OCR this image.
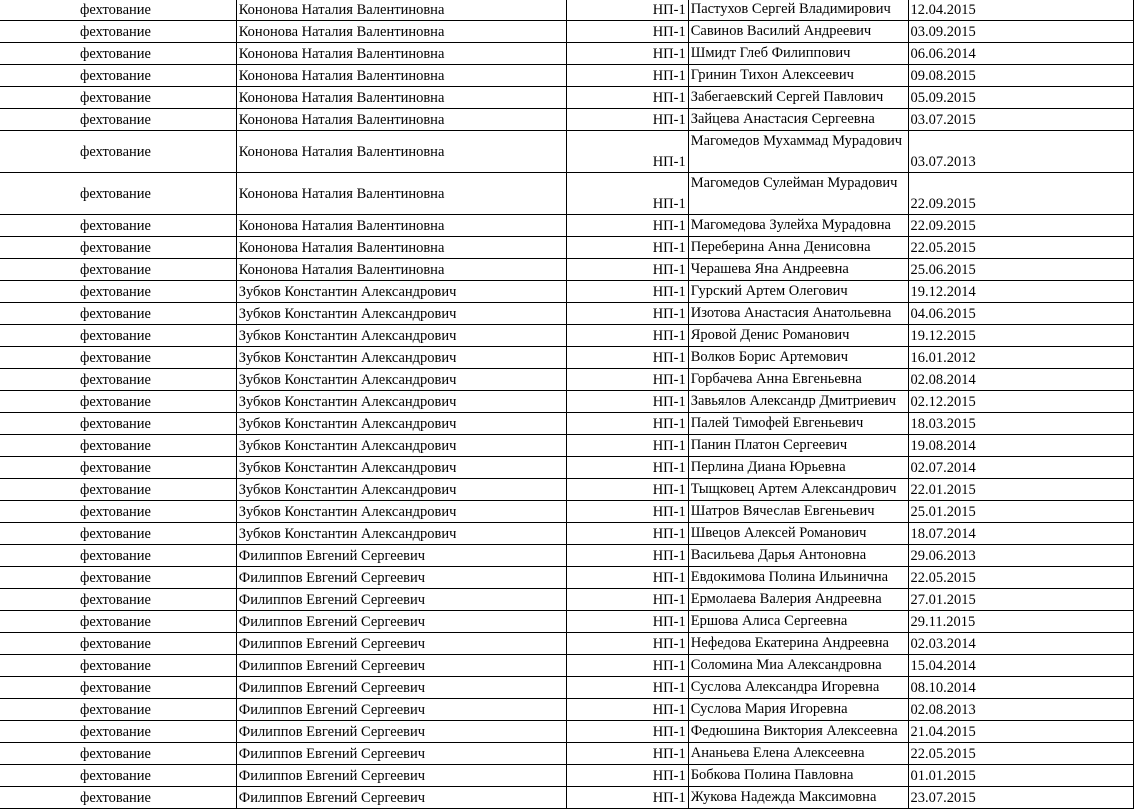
фехтование	Кононова Наталия Валентиновна	НП-1	Пастухов Сергей Владимирович	12.04.2015
фехтование	Кононова Наталия Валентиновна	НП-1	Савинов Василий Андреевич	03.09.2015
фехтование	Кононова Наталия Валентиновна	НП-1	Шмидт Глеб Филиппович	06.06.2014
фехтование	Кононова Наталия Валентиновна	НП-1	Гринин Тихон Алексеевич	09.08.2015
фехтование	Кононова Наталия Валентиновна	НП-1	Забегаевский Сергей Павлович	05.09.2015
фехтование	Кононова Наталия Валентиновна	НП-1	Зайцева Анастасия Сергеевна	03.07.2015
фехтование	Кононова Наталия Валентиновна	НП-1	Магомедов Мухаммад Мурадович	03.07.2013
фехтование	Кононова Наталия Валентиновна	НП-1	Магомедов Сулейман Мурадович	22.09.2015
фехтование	Кононова Наталия Валентиновна	НП-1	Магомедова Зулейха Мурадовна	22.09.2015
фехтование	Кононова Наталия Валентиновна	НП-1	Переберина Анна Денисовна	22.05.2015
фехтование	Кононова Наталия Валентиновна	НП-1	Черашева Яна Андреевна	25.06.2015
фехтование	Зубков Константин Александрович	НП-1	Гурский Артем Олегович	19.12.2014
фехтование	Зубков Константин Александрович	НП-1	Изотова Анастасия Анатольевна	04.06.2015
фехтование	Зубков Константин Александрович	НП-1	Яровой Денис Романович	19.12.2015
фехтование	Зубков Константин Александрович	НП-1	Волков Борис Артемович	16.01.2012
фехтование	Зубков Константин Александрович	НП-1	Горбачева Анна Евгеньевна	02.08.2014
фехтование	Зубков Константин Александрович	НП-1	Завьялов Александр Дмитриевич	02.12.2015
фехтование	Зубков Константин Александрович	НП-1	Палей Тимофей Евгеньевич	18.03.2015
фехтование	Зубков Константин Александрович	НП-1	Панин Платон Сергеевич	19.08.2014
фехтование	Зубков Константин Александрович	НП-1	Перлина Диана Юрьевна	02.07.2014
фехтование	Зубков Константин Александрович	НП-1	Тыщковец Артем Александрович	22.01.2015
фехтование	Зубков Константин Александрович	НП-1	Шатров Вячеслав Евгеньевич	25.01.2015
фехтование	Зубков Константин Александрович	НП-1	Швецов Алексей Романович	18.07.2014
фехтование	Филиппов Евгений Сергеевич	НП-1	Васильева Дарья Антоновна	29.06.2013
фехтование	Филиппов Евгений Сергеевич	НП-1	Евдокимова Полина Ильинична	22.05.2015
фехтование	Филиппов Евгений Сергеевич	НП-1	Ермолаева Валерия Андреевна	27.01.2015
фехтование	Филиппов Евгений Сергеевич	НП-1	Ершова Алиса Сергеевна	29.11.2015
фехтование	Филиппов Евгений Сергеевич	НП-1	Нефедова Екатерина Андреевна	02.03.2014
фехтование	Филиппов Евгений Сергеевич	НП-1	Соломина Миа Александровна	15.04.2014
фехтование	Филиппов Евгений Сергеевич	НП-1	Суслова Александра Игоревна	08.10.2014
фехтование	Филиппов Евгений Сергеевич	НП-1	Суслова Мария Игоревна	02.08.2013
фехтование	Филиппов Евгений Сергеевич	НП-1	Федюшина Виктория Алексеевна	21.04.2015
фехтование	Филиппов Евгений Сергеевич	НП-1	Ананьева Елена Алексеевна	22.05.2015
фехтование	Филиппов Евгений Сергеевич	НП-1	Бобкова Полина Павловна	01.01.2015
фехтование	Филиппов Евгений Сергеевич	НП-1	Жукова Надежда Максимовна	23.07.2015
